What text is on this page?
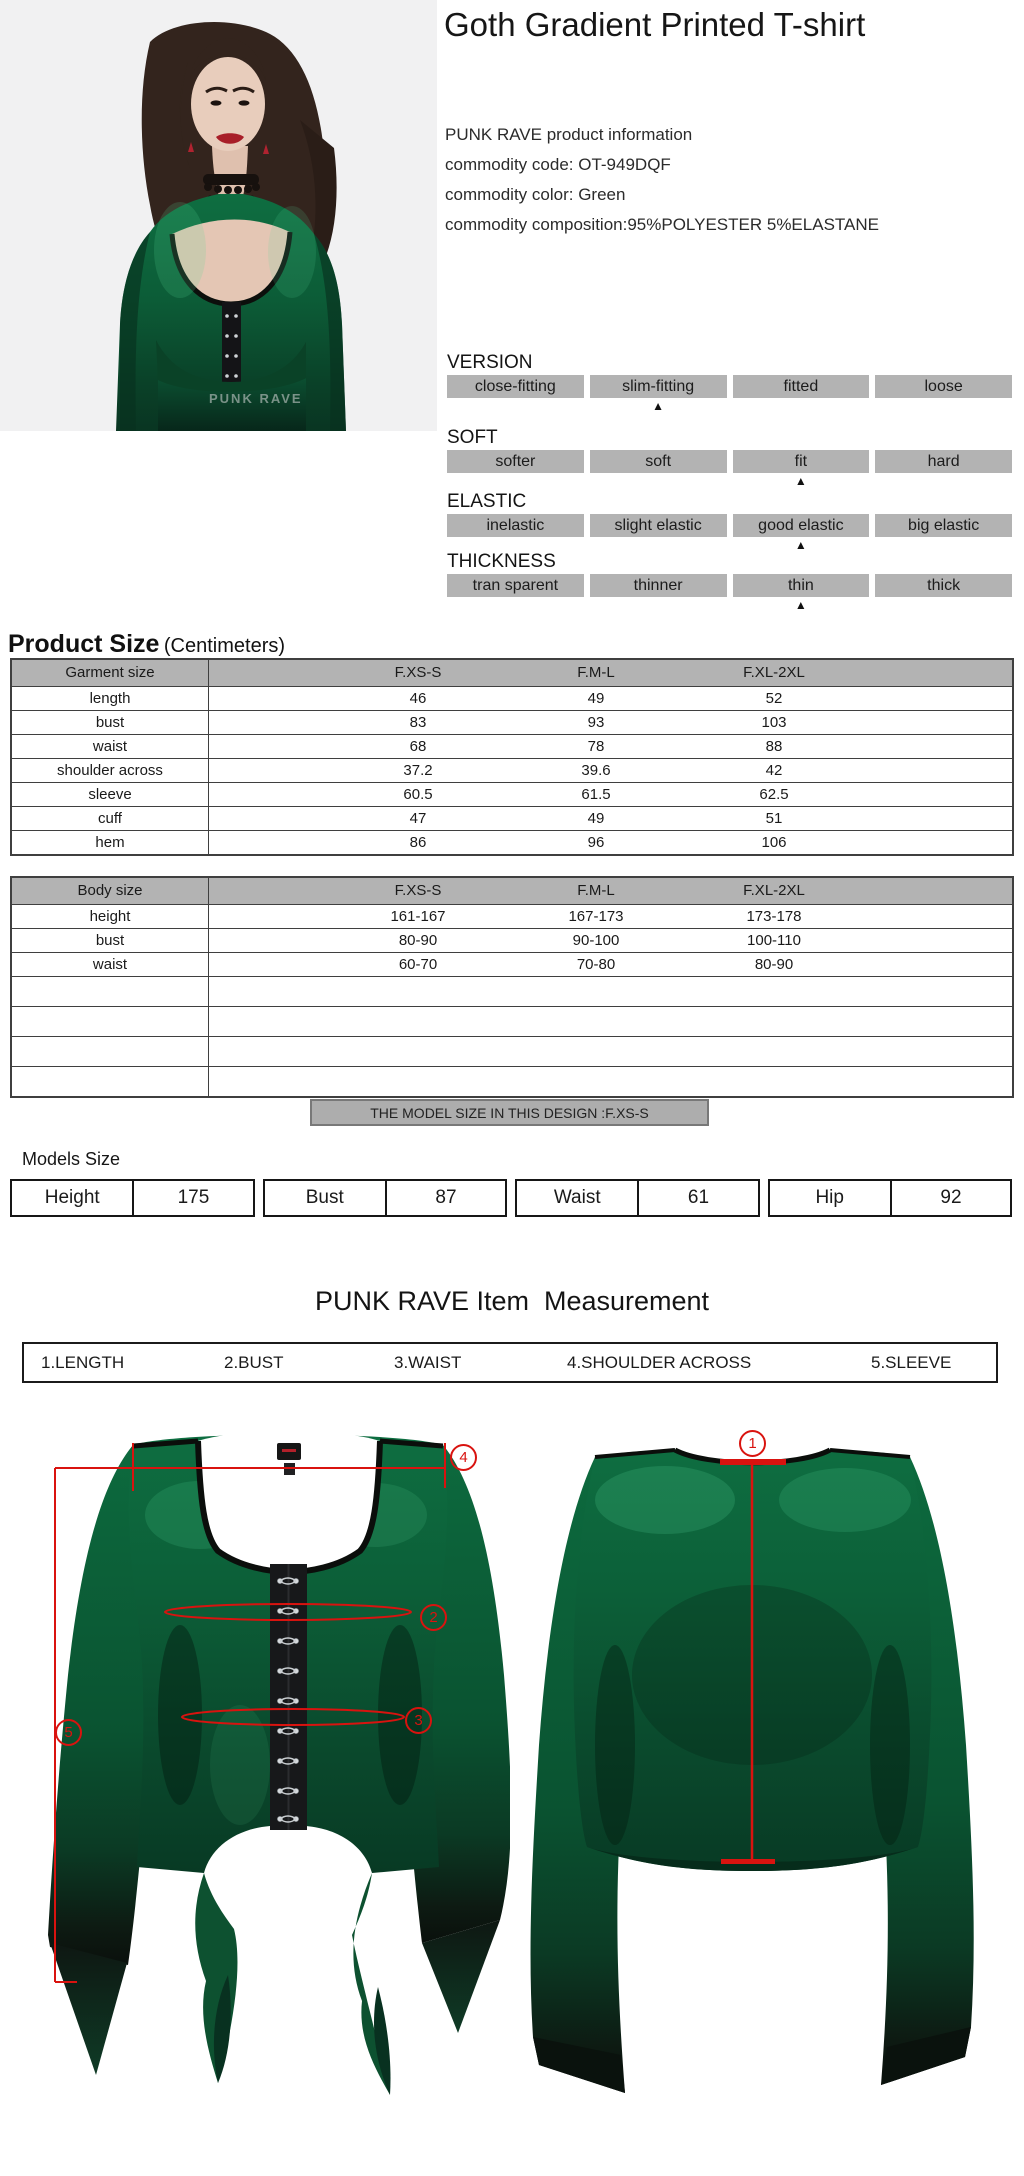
PUNK RAVE
Goth Gradient Printed T-shirt
PUNK RAVE product information
commodity code: OT-949DQF
commodity color: Green
commodity composition:95%POLYESTER 5%ELASTANE
VERSION
close-fitting	slim-fitting
▲
fitted	loose
SOFT
softer	soft	fit
▲
hard
ELASTIC
inelastic	slight elastic	good elastic
▲
big elastic
THICKNESS
tran sparent	thinner	thin
▲
thick
Product Size (Centimeters)
Garment size	F.XS-S	F.M-L	F.XL-2XL
length	46	49	52
bust	83	93	103
waist	68	78	88
shoulder across	37.2	39.6	42
sleeve	60.5	61.5	62.5
cuff	47	49	51
hem	86	96	106
Body size	F.XS-S	F.M-L	F.XL-2XL
height	161-167	167-173	173-178
bust	80-90	90-100	100-110
waist	60-70	70-80	80-90
THE MODEL SIZE IN THIS DESIGN :F.XS-S
Models Size
Height	175	Bust	87	Waist	61	Hip	92
PUNK RAVE Item  Measurement
1.LENGTH	2.BUST	3.WAIST	4.SHOULDER ACROSS	5.SLEEVE
1
2
3
4
5
